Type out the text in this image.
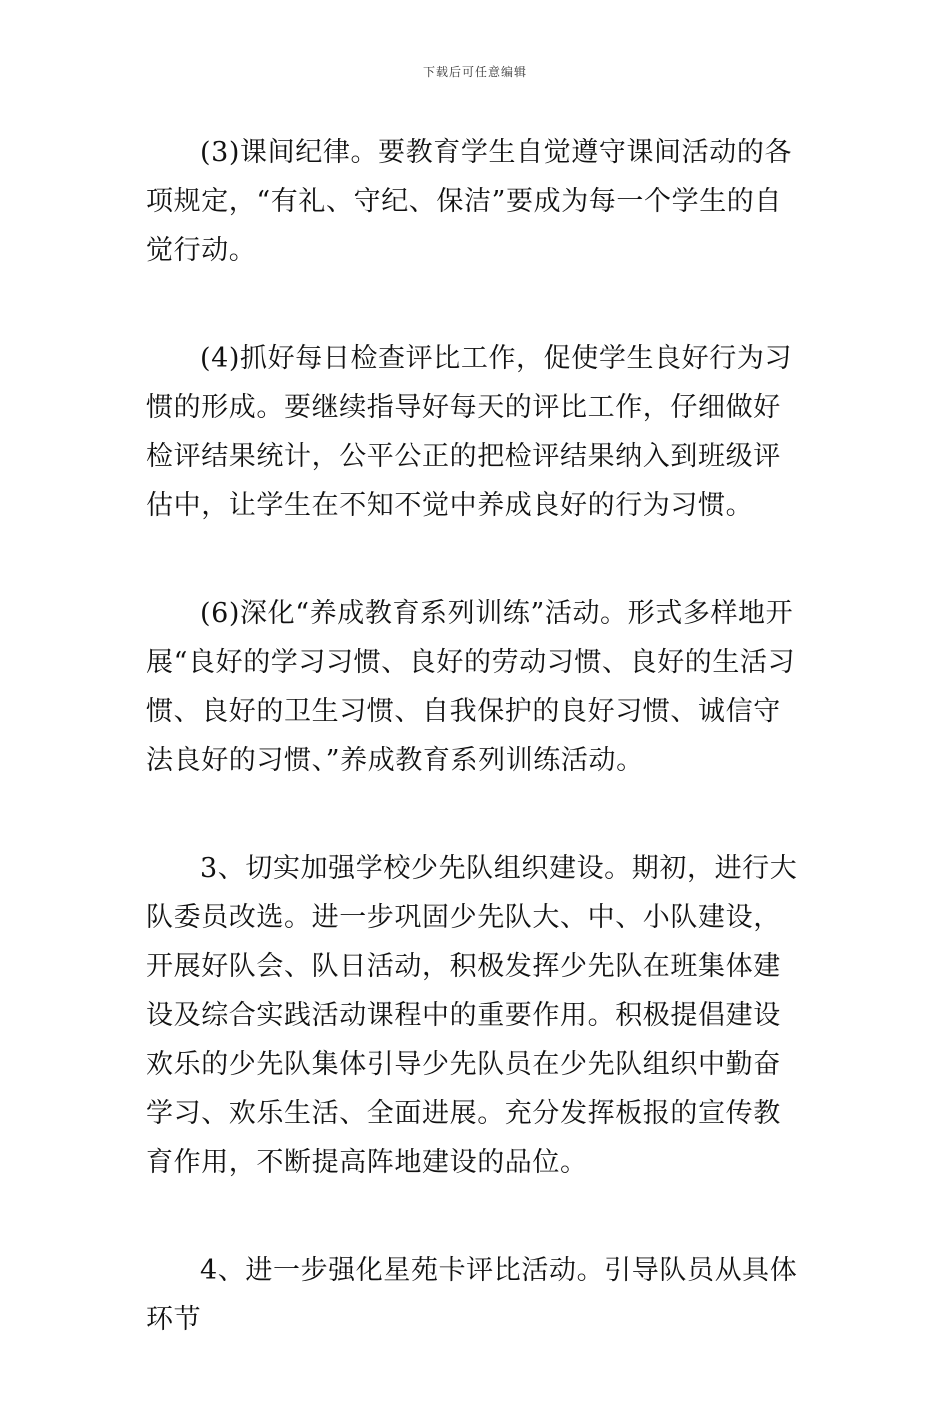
下载后可任意编辑

(3)课间纪律。要教育学生自觉遵守课间活动的各项规定，“有礼、守纪、保洁”要成为每一个学生的自觉行动。

(4)抓好每日检查评比工作，促使学生良好行为习惯的形成。要继续指导好每天的评比工作，仔细做好检评结果统计，公平公正的把检评结果纳入到班级评估中，让学生在不知不觉中养成良好的行为习惯。

(6)深化“养成教育系列训练”活动。形式多样地开展“良好的学习习惯、良好的劳动习惯、良好的生活习惯、良好的卫生习惯、自我保护的良好习惯、诚信守法良好的习惯、”养成教育系列训练活动。

3、切实加强学校少先队组织建设。期初，进行大队委员改选。进一步巩固少先队大、中、小队建设，开展好队会、队日活动，积极发挥少先队在班集体建设及综合实践活动课程中的重要作用。积极提倡建设欢乐的少先队集体引导少先队员在少先队组织中勤奋学习、欢乐生活、全面进展。充分发挥板报的宣传教育作用，不断提高阵地建设的品位。

4、进一步强化星苑卡评比活动。引导队员从具体环节
